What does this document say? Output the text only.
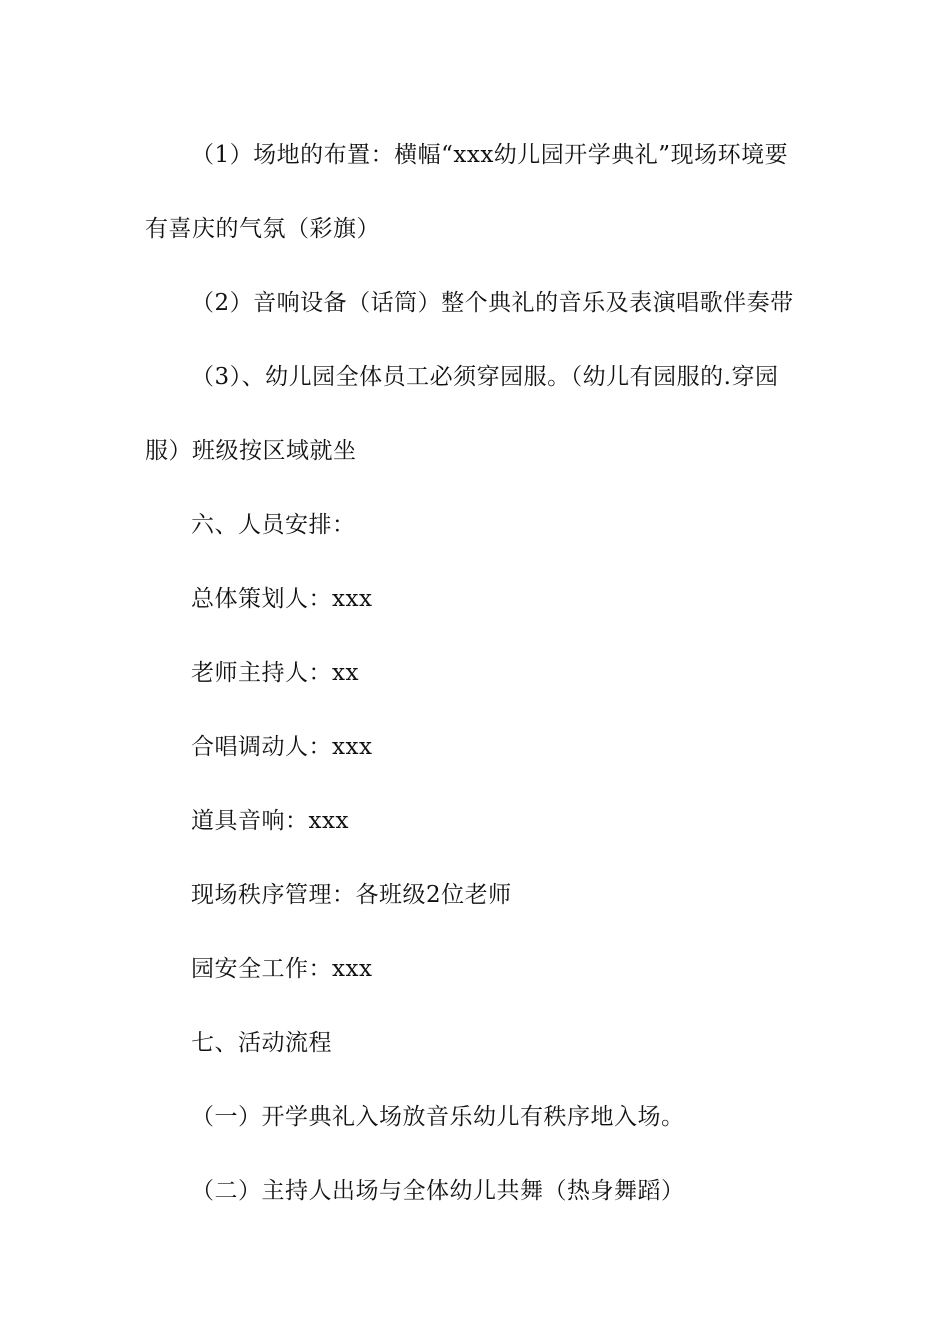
（1）场地的布置：横幅“xxx幼儿园开学典礼”现场环境要有喜庆的气氛（彩旗）

（2）音响设备（话筒）整个典礼的音乐及表演唱歌伴奏带

（3）、幼儿园全体员工必须穿园服。（幼儿有园服的.穿园服）班级按区域就坐

六、人员安排：

总体策划人：xxx

老师主持人：xx

合唱调动人：xxx

道具音响：xxx

现场秩序管理：各班级2位老师

园安全工作：xxx

七、活动流程

（一）开学典礼入场放音乐幼儿有秩序地入场。

（二）主持人出场与全体幼儿共舞（热身舞蹈）
